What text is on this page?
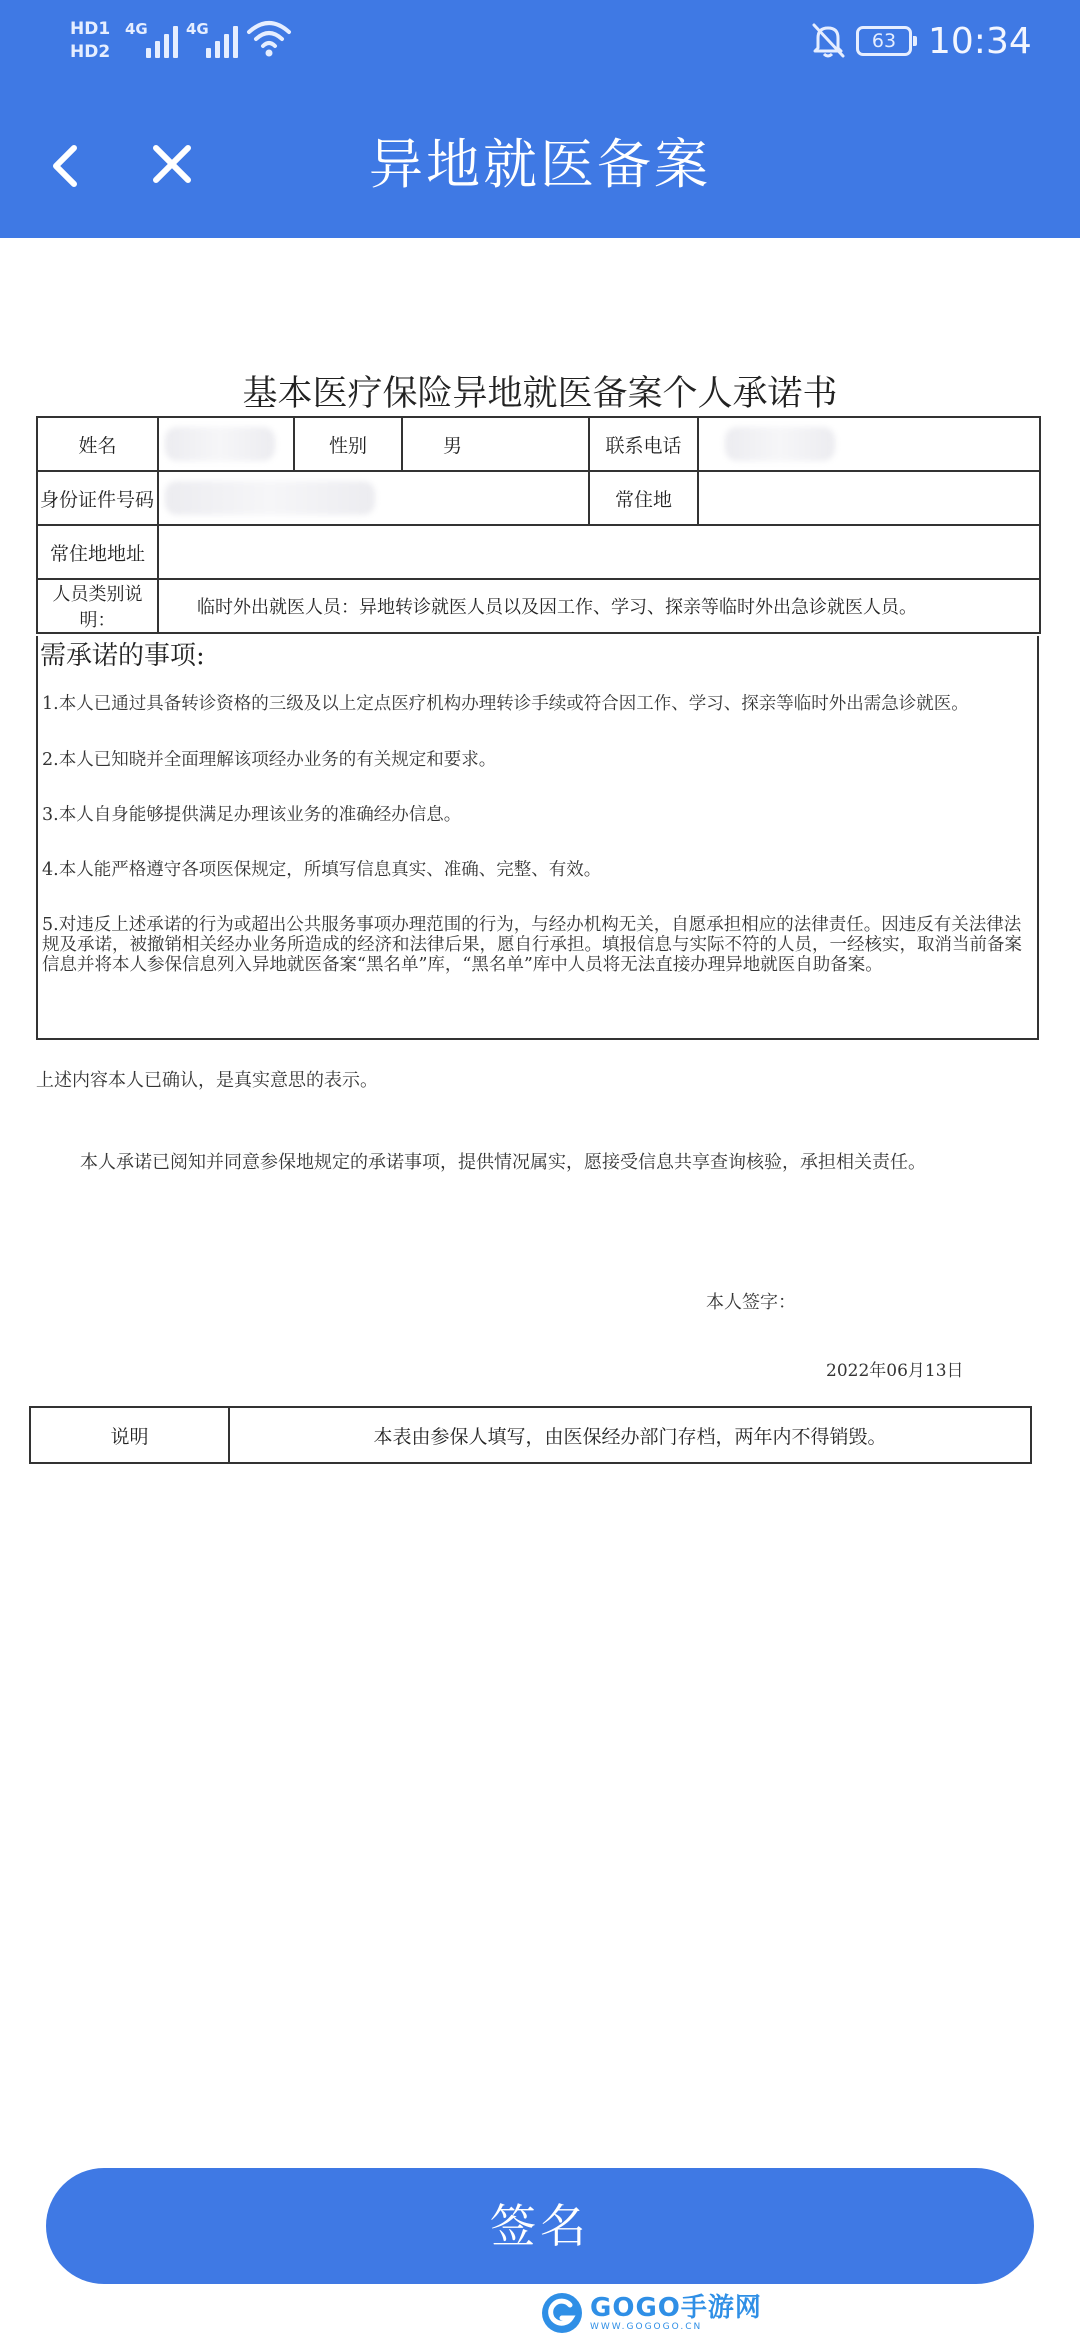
HD1
HD2
4G	4G
63 10:34
异地就医备案
基本医疗保险异地就医备案个人承诺书
姓名		性别	男	联系电话	
身份证件号码				常住地	
常住地地址					
人员类别说明：	临时外出就医人员：异地转诊就医人员以及因工作、学习、探亲等临时外出急诊就医人员。				
需承诺的事项:
1.本人已通过具备转诊资格的三级及以上定点医疗机构办理转诊手续或符合因工作、学习、探亲等临时外出需急诊就医。
2.本人已知晓并全面理解该项经办业务的有关规定和要求。
3.本人自身能够提供满足办理该业务的准确经办信息。
4.本人能严格遵守各项医保规定，所填写信息真实、准确、完整、有效。
5.对违反上述承诺的行为或超出公共服务事项办理范围的行为，与经办机构无关，自愿承担相应的法律责任。因违反有关法律法规及承诺，被撤销相关经办业务所造成的经济和法律后果，愿自行承担。填报信息与实际不符的人员，一经核实，取消当前备案信息并将本人参保信息列入异地就医备案“黑名单”库，“黑名单”库中人员将无法直接办理异地就医自助备案。
上述内容本人已确认，是真实意思的表示。
本人承诺已阅知并同意参保地规定的承诺事项，提供情况属实，愿接受信息共享查询核验，承担相关责任。
本人签字：
2022年06月13日
说明	本表由参保人填写，由医保经办部门存档，两年内不得销毁。
签名
GOGO手游网
WWW.GOGOGO.CN
